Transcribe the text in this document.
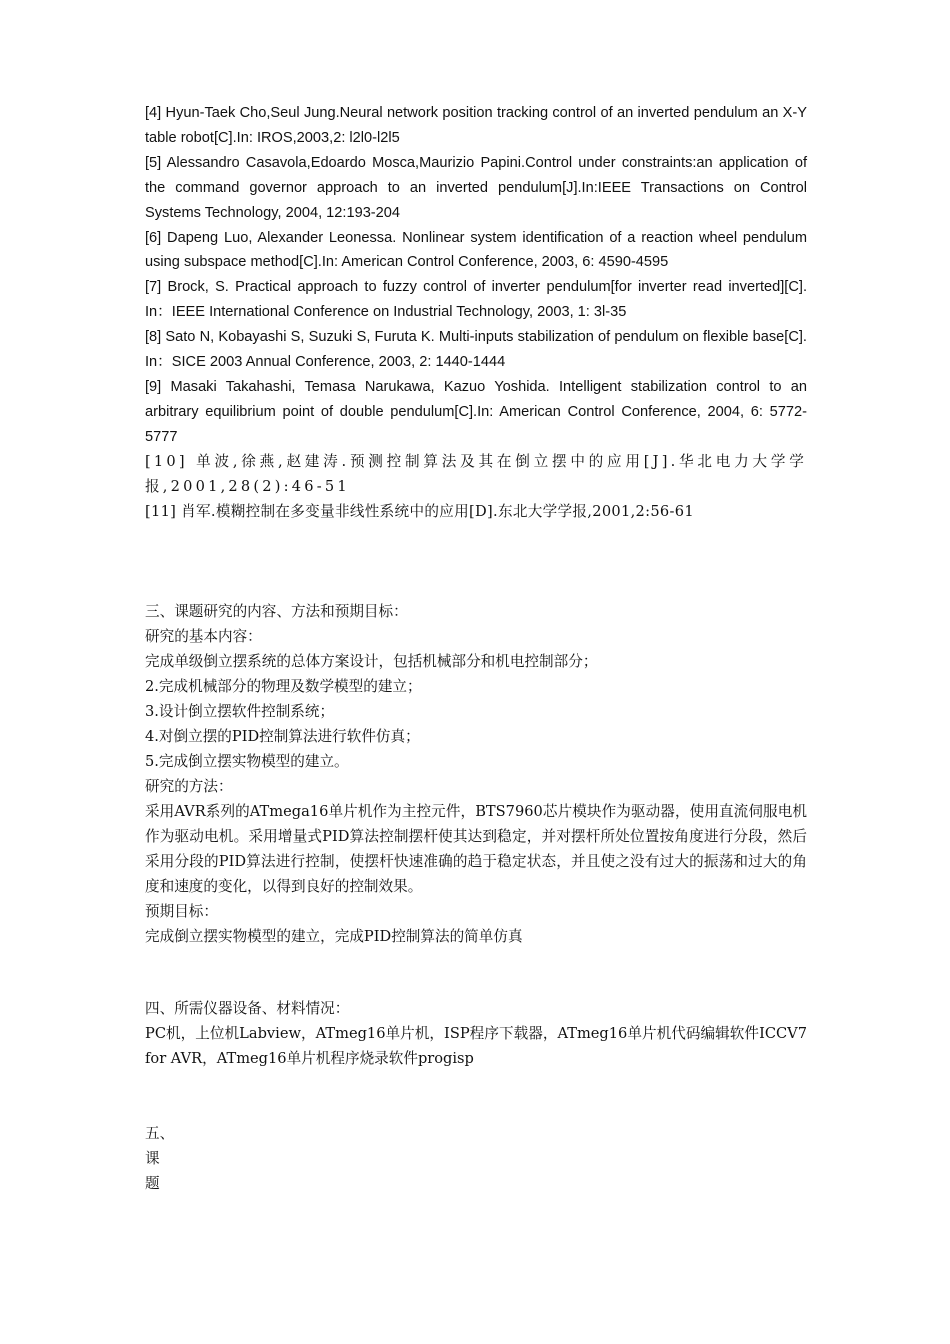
[4] Hyun-Taek Cho,Seul Jung.Neural network position tracking control of an inverted pendulum an X-Y table robot[C].In: IROS,2003,2: l2l0-l2l5

[5] Alessandro Casavola,Edoardo Mosca,Maurizio Papini.Control under constraints:an application of the command governor approach to an inverted pendulum[J].In:IEEE Transactions on Control Systems Technology, 2004, 12:193-204

[6] Dapeng Luo, Alexander Leonessa. Nonlinear system identification of a reaction wheel pendulum using subspace method[C].In: American Control Conference, 2003, 6: 4590-4595

[7] Brock, S. Practical approach to fuzzy control of inverter pendulum[for inverter read inverted][C]. In：IEEE International Conference on Industrial Technology, 2003, 1: 3l-35

[8] Sato N, Kobayashi S, Suzuki S, Furuta K. Multi-inputs stabilization of pendulum on flexible base[C]. In：SICE 2003 Annual Conference, 2003, 2: 1440-1444

[9] Masaki Takahashi, Temasa Narukawa, Kazuo Yoshida. Intelligent stabilization control to an arbitrary equilibrium point of double pendulum[C].In: American Control Conference, 2004, 6: 5772-5777

[10] 单波,徐燕,赵建涛.预测控制算法及其在倒立摆中的应用[J].华北电力大学学报,2001,28(2):46-51

[11] 肖军.模糊控制在多变量非线性系统中的应用[D].东北大学学报,2001,2:56-61

三、课题研究的内容、方法和预期目标：
研究的基本内容：
完成单级倒立摆系统的总体方案设计，包括机械部分和机电控制部分；
2.完成机械部分的物理及数学模型的建立；
3.设计倒立摆软件控制系统；
4.对倒立摆的PID控制算法进行软件仿真；
5.完成倒立摆实物模型的建立。
研究的方法：
采用AVR系列的ATmega16单片机作为主控元件，BTS7960芯片模块作为驱动器，使用直流伺服电机作为驱动电机。采用增量式PID算法控制摆杆使其达到稳定，并对摆杆所处位置按角度进行分段，然后采用分段的PID算法进行控制，使摆杆快速准确的趋于稳定状态，并且使之没有过大的振荡和过大的角度和速度的变化，以得到良好的控制效果。
预期目标：
完成倒立摆实物模型的建立，完成PID控制算法的简单仿真
四、所需仪器设备、材料情况：
PC机，上位机Labview，ATmeg16单片机，ISP程序下载器，ATmeg16单片机代码编辑软件ICCV7 for AVR，ATmeg16单片机程序烧录软件progisp
五、
课
题
